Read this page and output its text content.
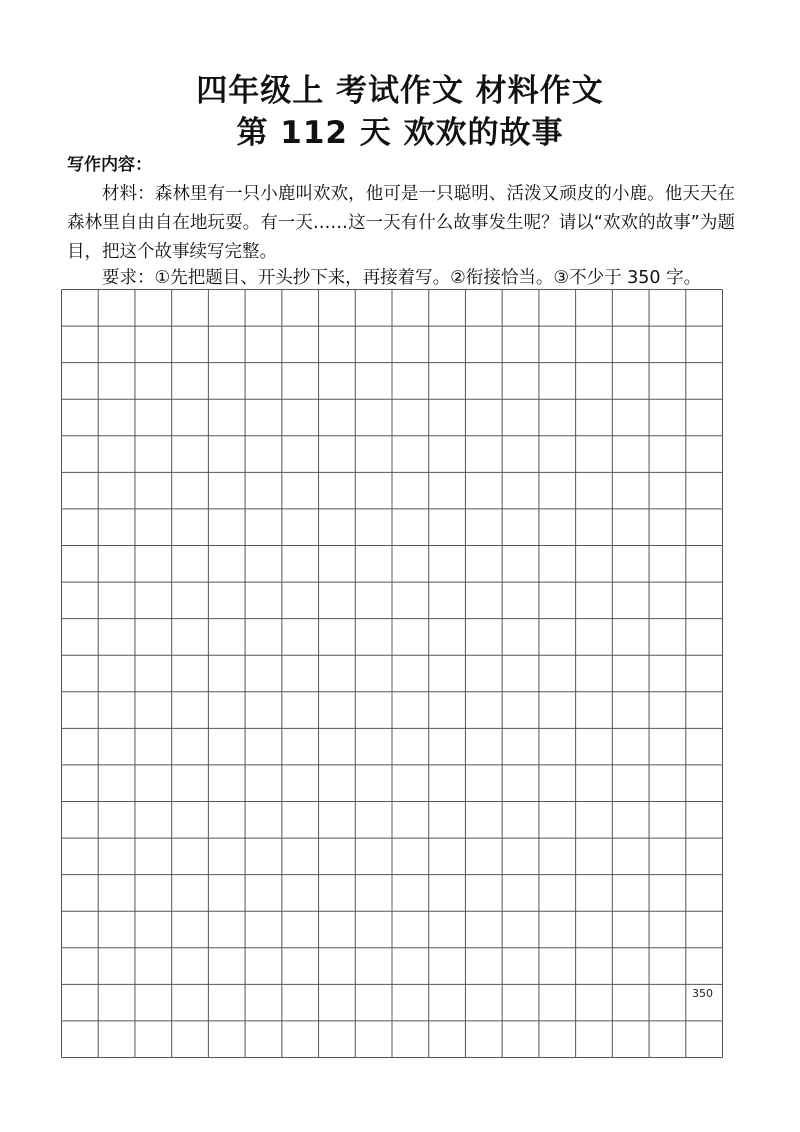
四年级上 考试作文 材料作文
第 112 天 欢欢的故事
写作内容：
材料：森林里有一只小鹿叫欢欢，他可是一只聪明、活泼又顽皮的小鹿。他天天在森林里自由自在地玩耍。有一天……这一天有什么故事发生呢？请以“欢欢的故事”为题目，把这个故事续写完整。
要求：①先把题目、开头抄下来，再接着写。②衔接恰当。③不少于 350 字。
350
